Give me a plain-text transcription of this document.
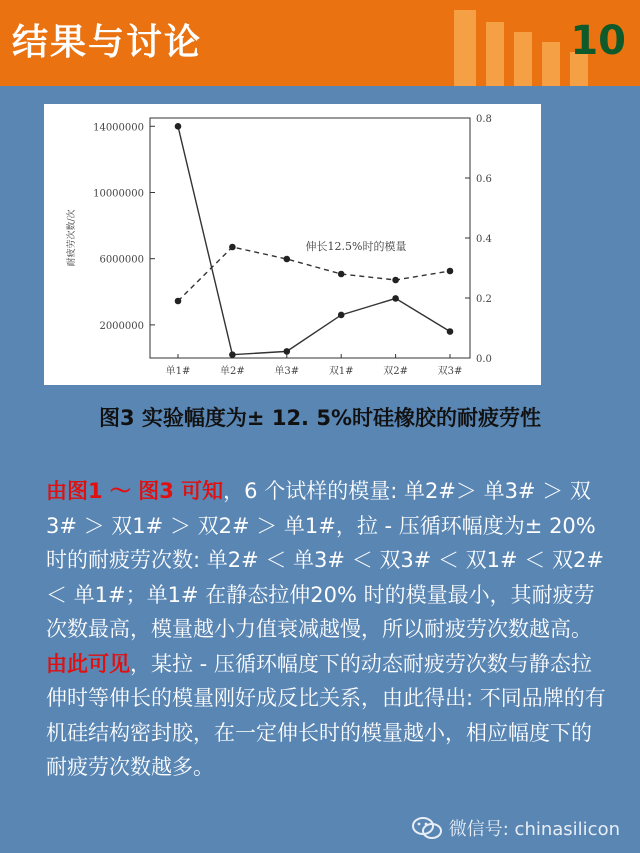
结果与讨论	10
2000000
6000000
10000000
14000000
0.0
0.2
0.4
0.6
0.8
单1#	单2#	单3#	双1#	双2#	双3#
耐疲劳次数/次	伸长12.5%时的模量
图3 实验幅度为± 12. 5%时硅橡胶的耐疲劳性

由图1 ～ 图3 可知，6 个试样的模量: 单2#＞ 单3# ＞ 双3# ＞ 双1# ＞ 双2# ＞ 单1#，拉 - 压循环幅度为± 20% 时的耐疲劳次数: 单2# ＜ 单3# ＜ 双3# ＜ 双1# ＜ 双2# ＜ 单1#；单1# 在静态拉伸20% 时的模量最小，其耐疲劳次数最高，模量越小力值衰减越慢，所以耐疲劳次数越高。

由此可见，某拉 - 压循环幅度下的动态耐疲劳次数与静态拉伸时等伸长的模量刚好成反比关系，由此得出: 不同品牌的有机硅结构密封胶，在一定伸长时的模量越小，相应幅度下的耐疲劳次数越多。

微信号: chinasilicon
